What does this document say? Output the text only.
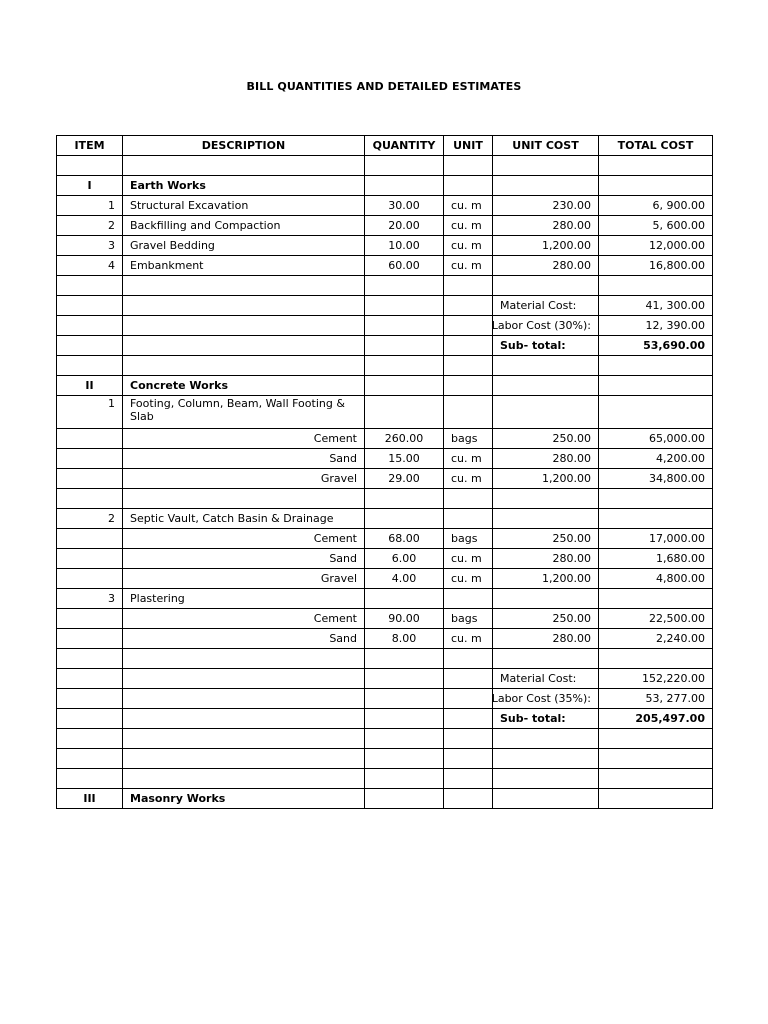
BILL QUANTITIES AND DETAILED ESTIMATES
ITEM	DESCRIPTION	QUANTITY	UNIT	UNIT COST	TOTAL COST

I	Earth Works				
1	Structural Excavation	30.00	cu. m	230.00	6, 900.00
2	Backfilling and Compaction	20.00	cu. m	280.00	5, 600.00
3	Gravel Bedding	10.00	cu. m	1,200.00	12,000.00
4	Embankment	60.00	cu. m	280.00	16,800.00

				Material Cost:	41, 300.00
				Labor Cost (30%):	12, 390.00
				Sub- total:	53,690.00

II	Concrete Works				
1	Footing, Column, Beam, Wall Footing & Slab				
	Cement	260.00	bags	250.00	65,000.00
	Sand	15.00	cu. m	280.00	4,200.00
	Gravel	29.00	cu. m	1,200.00	34,800.00

2	Septic Vault, Catch Basin & Drainage				
	Cement	68.00	bags	250.00	17,000.00
	Sand	6.00	cu. m	280.00	1,680.00
	Gravel	4.00	cu. m	1,200.00	4,800.00
3	Plastering				
	Cement	90.00	bags	250.00	22,500.00
	Sand	8.00	cu. m	280.00	2,240.00

				Material Cost:	152,220.00
				Labor Cost (35%):	53, 277.00
				Sub- total:	205,497.00

III	Masonry Works				
